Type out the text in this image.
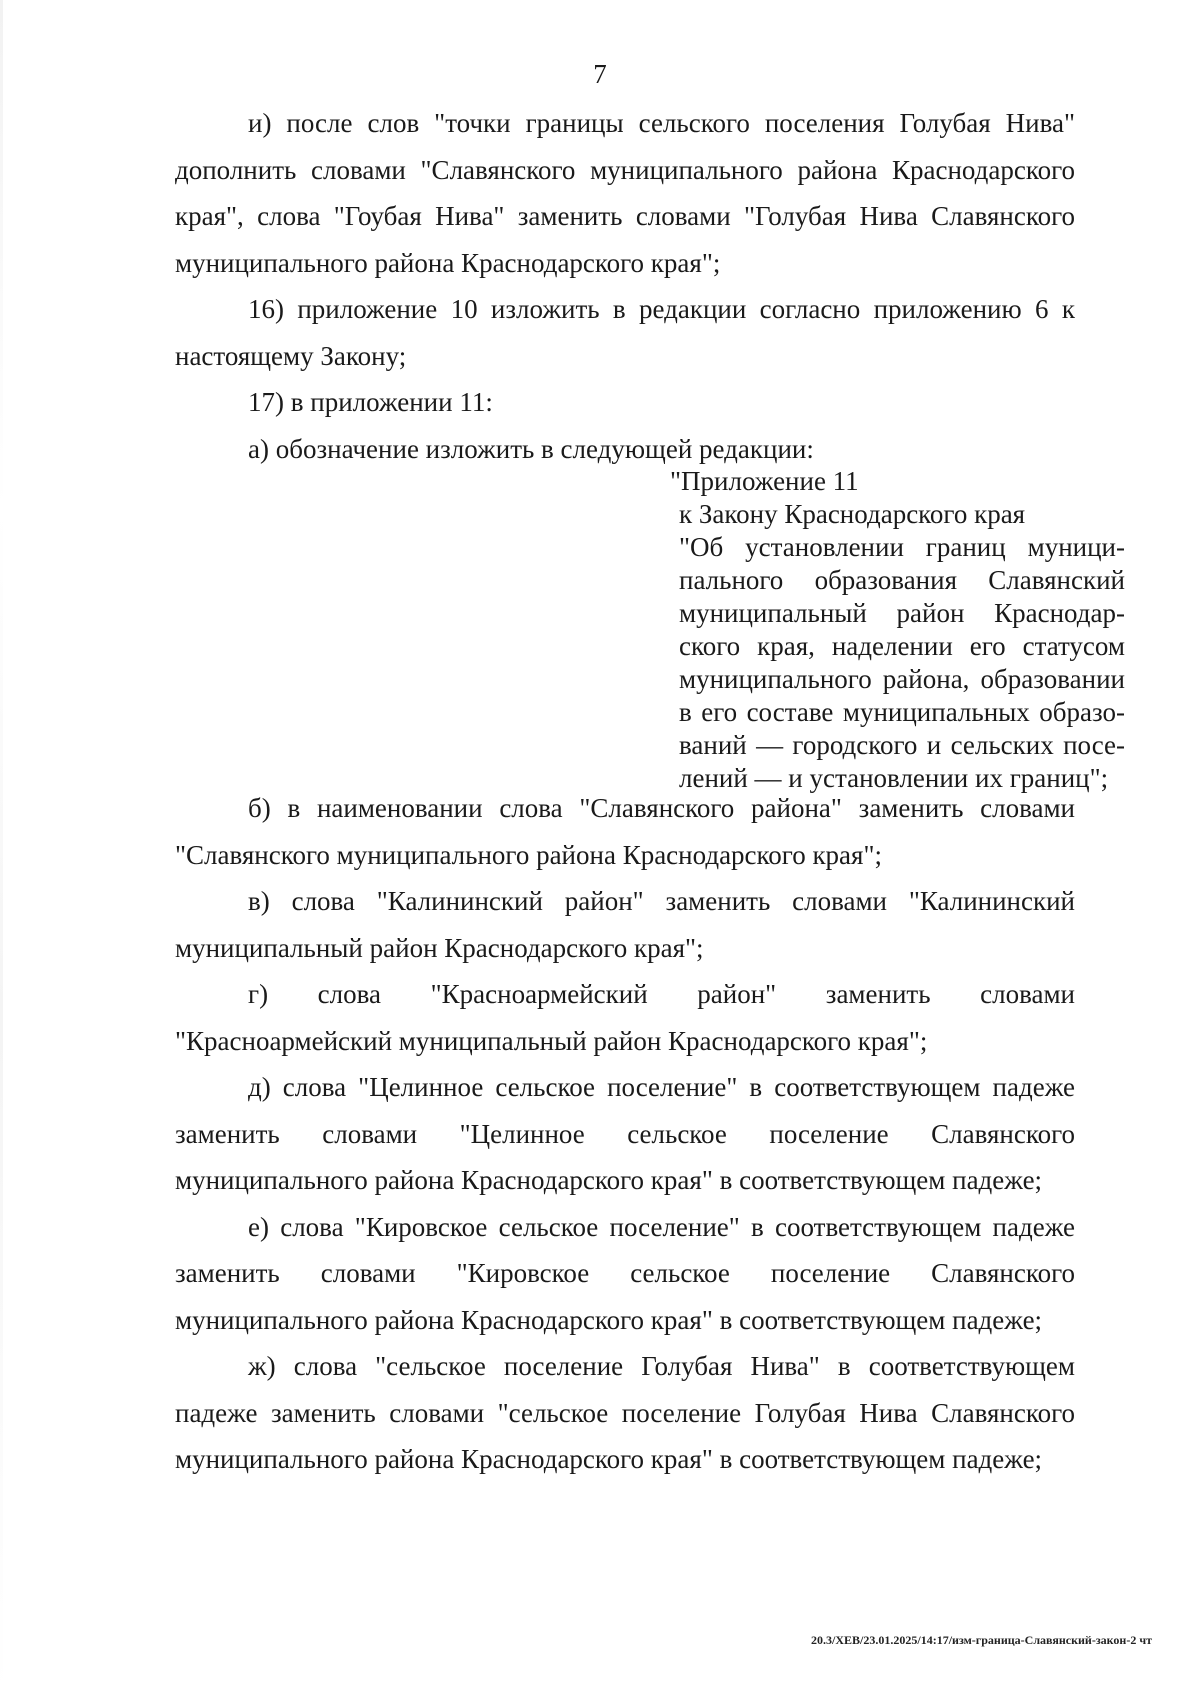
7

и) после слов "точки границы сельского поселения Голубая Нива" дополнить словами "Славянского муниципального района Краснодарского края", слова "Гоубая Нива" заменить словами "Голубая Нива Славянского муниципального района Краснодарского края";

16) приложение 10 изложить в редакции согласно приложению 6 к настоящему Закону;

17) в приложении 11:

а) обозначение изложить в следующей редакции:

"Приложение 11

к Закону Краснодарского края

"Об установлении границ муниципального образования Славянский муниципальный район Краснодарского края, наделении его статусом муниципального района, образовании в его составе муниципальных образований — городского и сельских поселений — и установлении их границ";

б) в наименовании слова "Славянского района" заменить словами "Славянского муниципального района Краснодарского края";

в) слова "Калининский район" заменить словами "Калининский муниципальный район Краснодарского края";

г) слова "Красноармейский район" заменить словами "Красноармейский муниципальный район Краснодарского края";

д) слова "Целинное сельское поселение" в соответствующем падеже заменить словами "Целинное сельское поселение Славянского муниципального района Краснодарского края" в соответствующем падеже;

е) слова "Кировское сельское поселение" в соответствующем падеже заменить словами "Кировское сельское поселение Славянского муниципального района Краснодарского края" в соответствующем падеже;

ж) слова "сельское поселение Голубая Нива" в соответствующем падеже заменить словами "сельское поселение Голубая Нива Славянского муниципального района Краснодарского края" в соответствующем падеже;

20.3/ХЕВ/23.01.2025/14:17/изм-граница-Славянский-закон-2 чт
